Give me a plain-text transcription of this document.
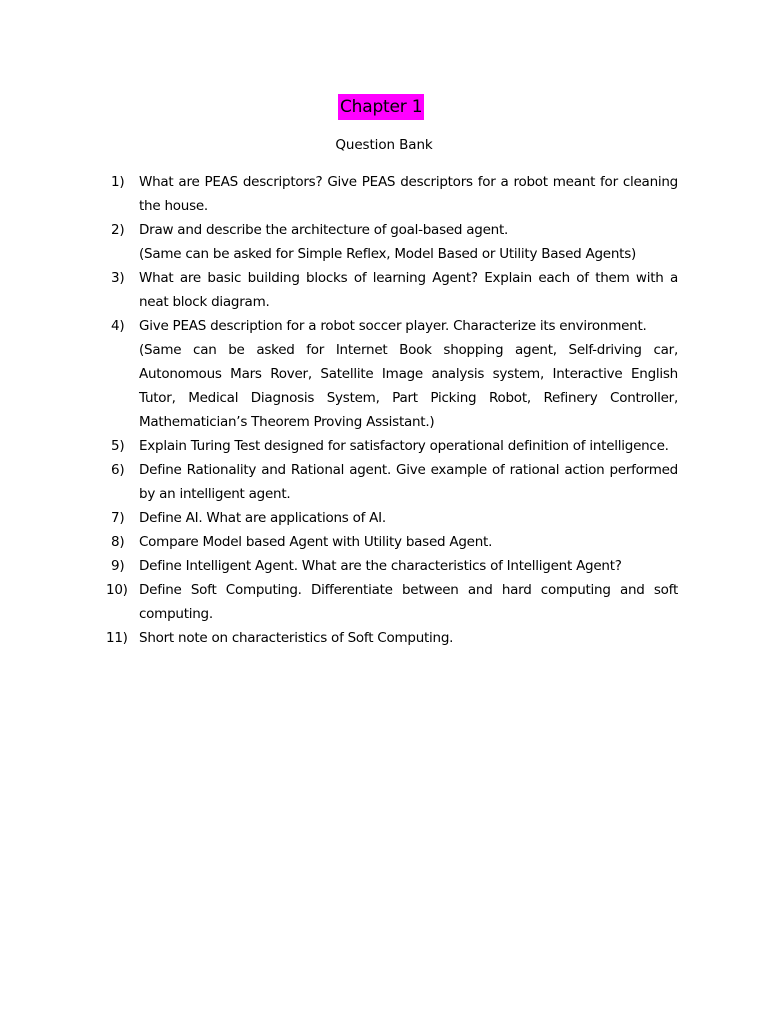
Chapter 1
Question Bank
1) What are PEAS descriptors? Give PEAS descriptors for a robot meant for cleaning the house.
2) Draw and describe the architecture of goal-based agent.
(Same can be asked for Simple Reflex, Model Based or Utility Based Agents)
3) What are basic building blocks of learning Agent? Explain each of them with a neat block diagram.
4) Give PEAS description for a robot soccer player. Characterize its environment.
(Same can be asked for Internet Book shopping agent, Self-driving car, Autonomous Mars Rover, Satellite Image analysis system, Interactive English Tutor, Medical Diagnosis System, Part Picking Robot, Refinery Controller, Mathematician’s Theorem Proving Assistant.)
5) Explain Turing Test designed for satisfactory operational definition of intelligence.
6) Define Rationality and Rational agent. Give example of rational action performed by an intelligent agent.
7) Define AI. What are applications of AI.
8) Compare Model based Agent with Utility based Agent.
9) Define Intelligent Agent. What are the characteristics of Intelligent Agent?
10) Define Soft Computing. Differentiate between and hard computing and soft computing.
11) Short note on characteristics of Soft Computing.
